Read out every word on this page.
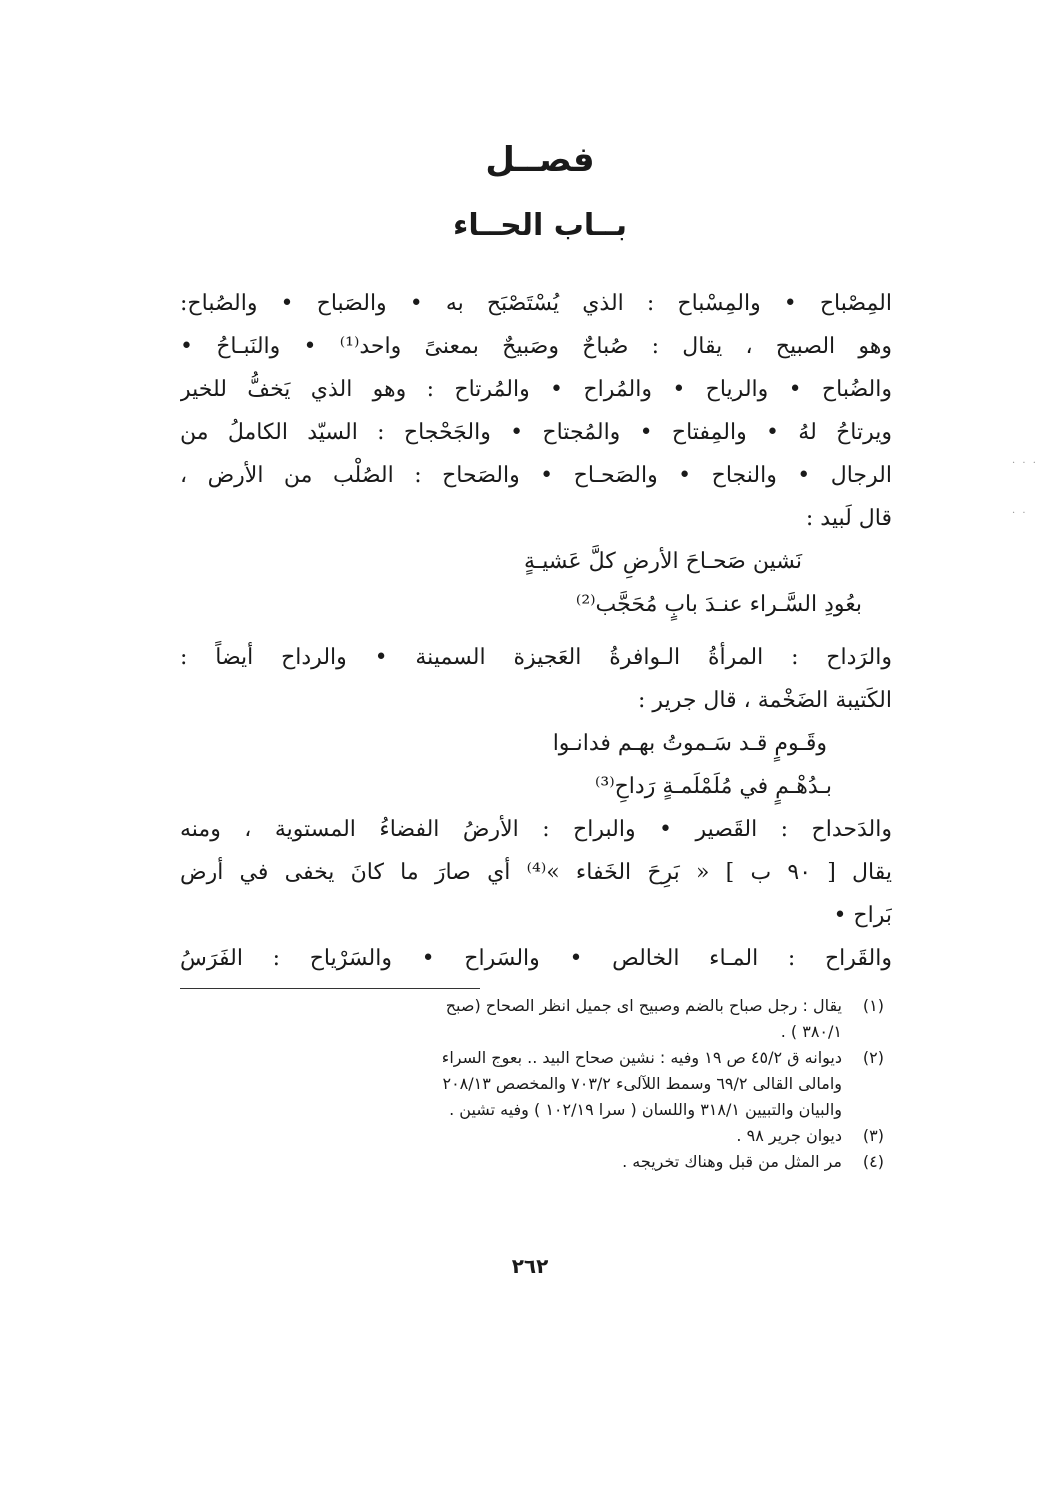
فصــل
بــاب الحــاء
المِصْباح • والمِسْباح : الذي يُسْتَصْبَح به • والصَباح • والصُباح:
وهو الصبيح ، يقال : صُباحٌ وصَبيحٌ بمعنىً واحد⁽¹⁾ • والنَبـاحُ •
والضُباح • والرياح • والمُراح • والمُرتاح : وهو الذي يَخفُّ للخير
ويرتاحُ لهُ • والمِفتاح • والمُجتاح • والجَحْجاح : السيّد الكاملُ من
الرجال • والنجاح • والصَحـاح • والصَحاح : الصُلْب من الأرض ،
قال لَبيد :
نَشين صَحـاحَ الأرضِ كلَّ عَشيـةٍ
بعُودِ السَّـراء عنـدَ بابٍ مُحَجَّب⁽²⁾
والرَداح : المرأةُ الـوافرةُ العَجيزة السمينة • والرداح أيضاً :
الكَتيبة الضَخْمة ، قال جرير :
وقَـومٍ قـد سَـموتُ بهـم فدانـوا
بـدُهْـمٍ في مُلَمْلَمـةٍ رَداحِ⁽³⁾
والدَحداح : القَصير • والبراح : الأرضُ الفضاءُ المستوية ، ومنه
يقال [ ٩٠ ب ] « بَرِحَ الخَفاء »⁽⁴⁾ أي صارَ ما كانَ يخفى في أرض
بَراح •
والقَراح : المـاء الخالص • والسَراح • والسَرْياح : الفَرَسُ
(١)
يقال : رجل صباح بالضم وصبيح اى جميل انظر الصحاح (صبح
٣٨٠/١ ) .
(٢)
ديوانه ق ٤٥/٢ ص ١٩ وفيه : نشين صحاح البيد .. بعوج السراء
وامالى القالى ٦٩/٢ وسمط اللآلىء ٧٠٣/٢ والمخصص ٢٠٨/١٣
والبيان والتبيين ٣١٨/١ واللسان ( سرا ١٠٢/١٩ ) وفيه تشين .
(٣)
ديوان جرير ٩٨ .
(٤)
مر المثل من قبل وهناك تخريجه .
٢٦٢
· · ·
· ·
